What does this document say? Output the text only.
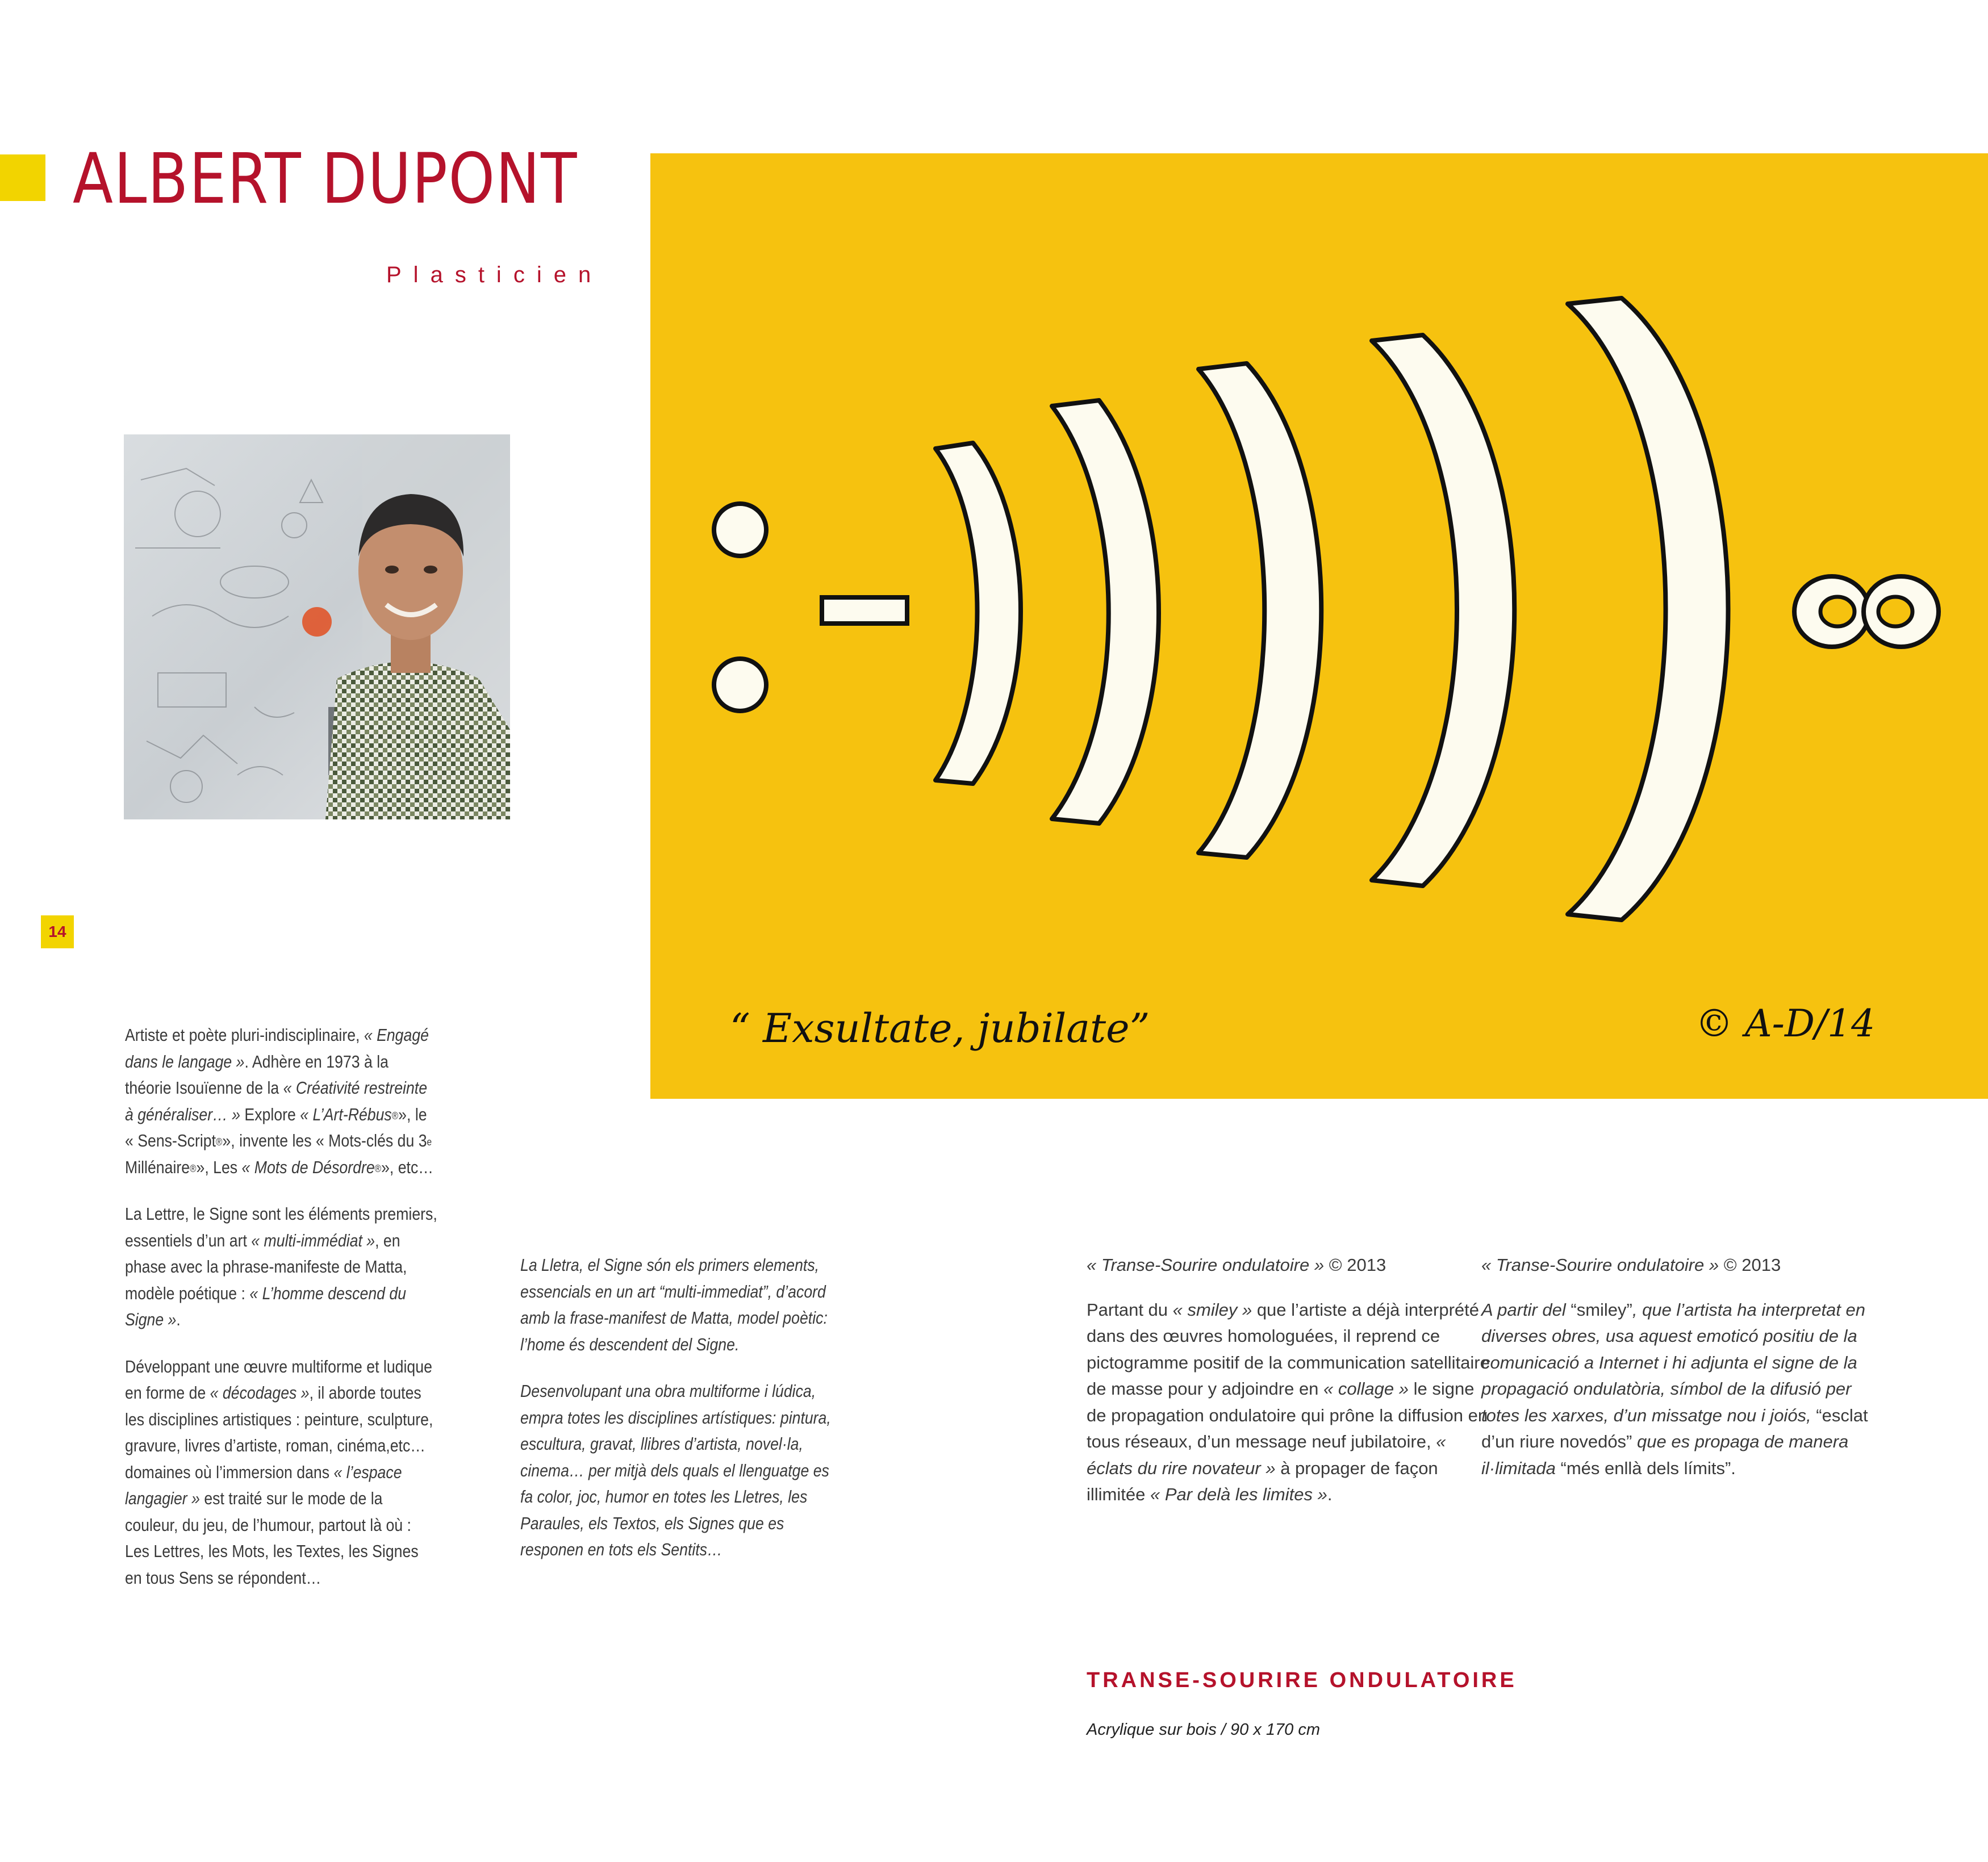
ALBERT DUPONT
Plasticien
14
“ Exsultate, jubilate”	© A-D/14

Artiste et poète pluri-indisciplinaire, « Engagé dans le langage ». Adhère en 1973 à la théorie Isouïenne de la « Créativité restreinte à généraliser… » Explore « L’Art-Rébus®», le « Sens-Script®», invente les « Mots-clés du 3e Millénaire®», Les « Mots de Désordre®», etc…

La Lettre, le Signe sont les éléments premiers, essentiels d’un art « multi-immédiat », en phase avec la phrase-manifeste de Matta, modèle poétique : « L’homme descend du Signe ».

Développant une œuvre multiforme et ludique en forme de « décodages », il aborde toutes les disciplines artistiques : peinture, sculpture, gravure, livres d’artiste, roman, cinéma,etc… domaines où l’immersion dans « l’espace langagier » est traité sur le mode de la couleur, du jeu, de l’humour, partout là où : Les Lettres, les Mots, les Textes, les Signes en tous Sens se répondent…

La Lletra, el Signe són els primers elements, essencials en un art “multi-immediat”, d’acord amb la frase-manifest de Matta, model poètic: l’home és descendent del Signe.

Desenvolupant una obra multiforme i lúdica, empra totes les disciplines artístiques: pintura, escultura, gravat, llibres d’artista, novel·la, cinema… per mitjà dels quals el llenguatge es fa color, joc, humor en totes les Lletres, les Paraules, els Textos, els Signes que es responen en tots els Sentits…

« Transe-Sourire ondulatoire » © 2013

Partant du « smiley » que l’artiste a déjà interprété dans des œuvres homologuées, il reprend ce pictogramme positif de la communication satellitaire de masse pour y adjoindre en « collage » le signe de propagation ondulatoire qui prône la diffusion en tous réseaux, d’un message neuf jubilatoire, « éclats du rire novateur » à propager de façon illimitée « Par delà les limites ».

« Transe-Sourire ondulatoire » © 2013

A partir del “smiley”, que l’artista ha interpretat en diverses obres, usa aquest emoticó positiu de la comunicació a Internet i hi adjunta el signe de la propagació ondulatòria, símbol de la difusió per totes les xarxes, d’un missatge nou i joiós, “esclat d’un riure novedós” que es propaga de manera il·limitada “més enllà dels límits”.

TRANSE-SOURIRE ONDULATOIRE
Acrylique sur bois / 90 x 170 cm
